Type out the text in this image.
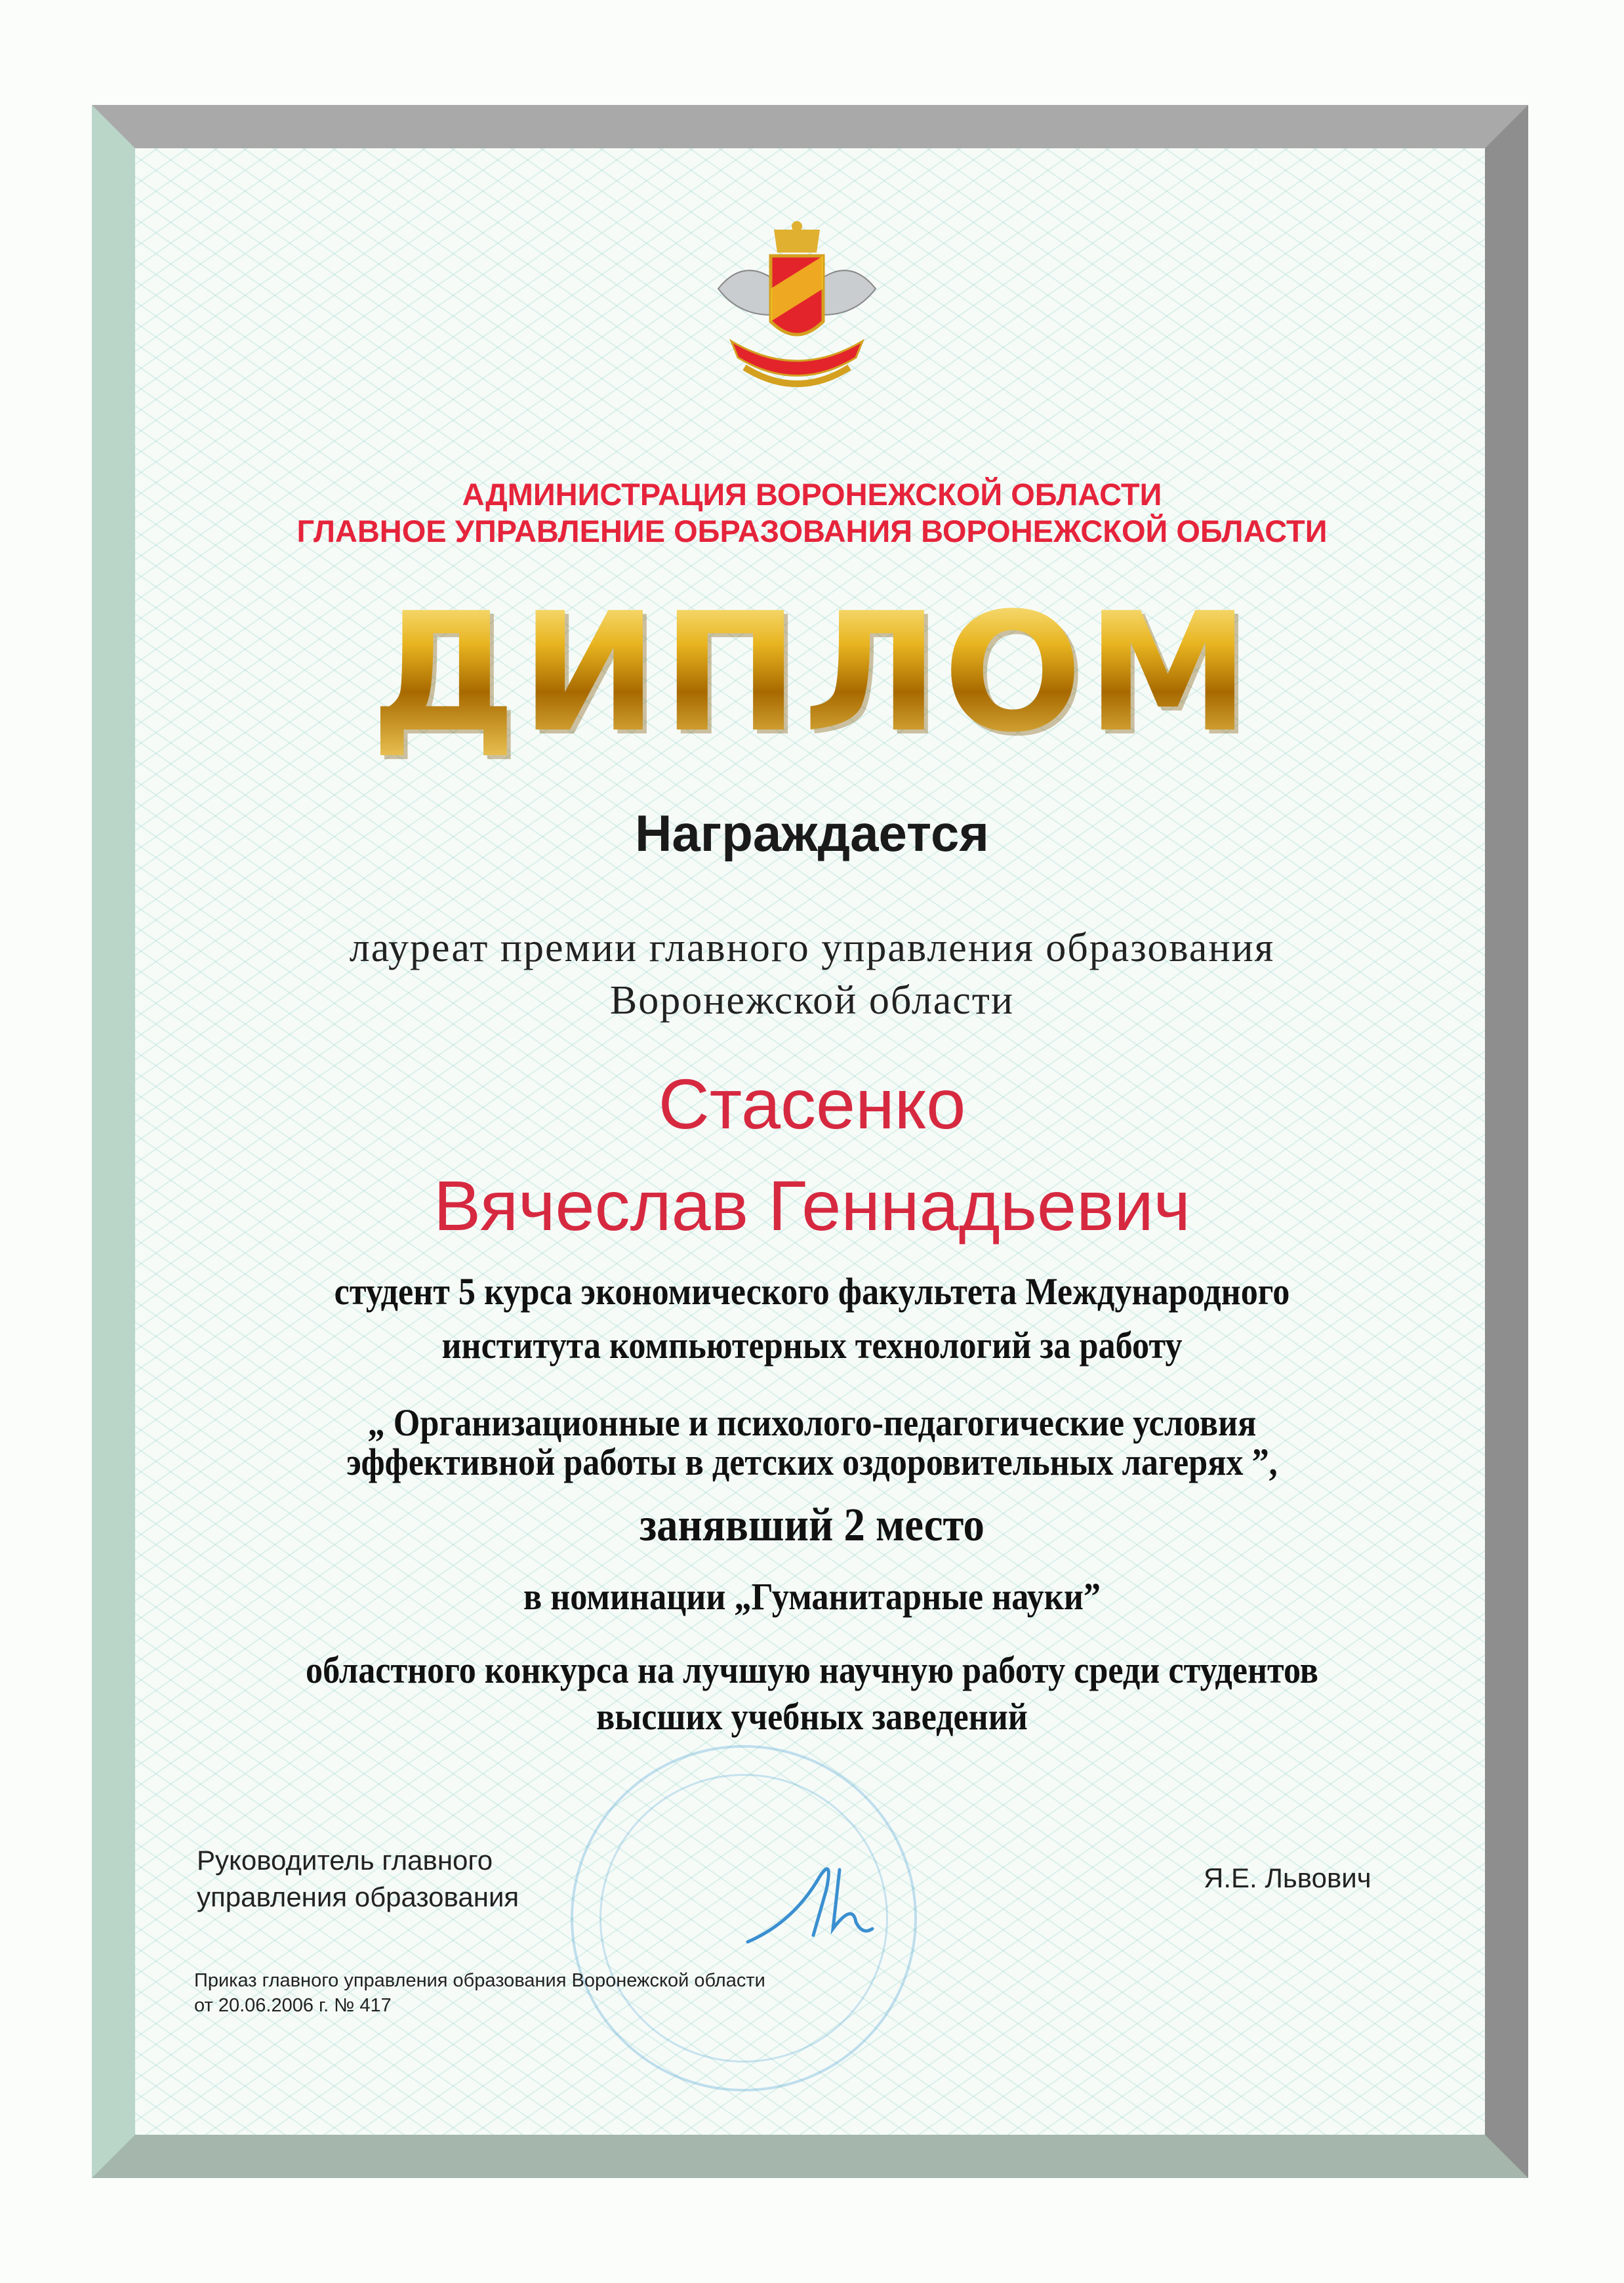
АДМИНИСТРАЦИЯ ВОРОНЕЖСКОЙ ОБЛАСТИ
ГЛАВНОЕ УПРАВЛЕНИЕ ОБРАЗОВАНИЯ ВОРОНЕЖСКОЙ ОБЛАСТИ
ДИПЛОМ
Награждается
лауреат премии главного управления образования
Воронежской области
Стасенко
Вячеслав Геннадьевич
студент 5 курса экономического факультета Международного
института компьютерных технологий за работу
„ Организационные и психолого-педагогические условия
эффективной работы в детских оздоровительных лагерях ”,
занявший 2 место
в номинации „Гуманитарные науки”
областного конкурса на лучшую научную работу среди студентов
высших учебных заведений
Руководитель главного
управления образования
Я.Е. Львович
Приказ главного управления образования Воронежской области
от 20.06.2006 г. № 417
